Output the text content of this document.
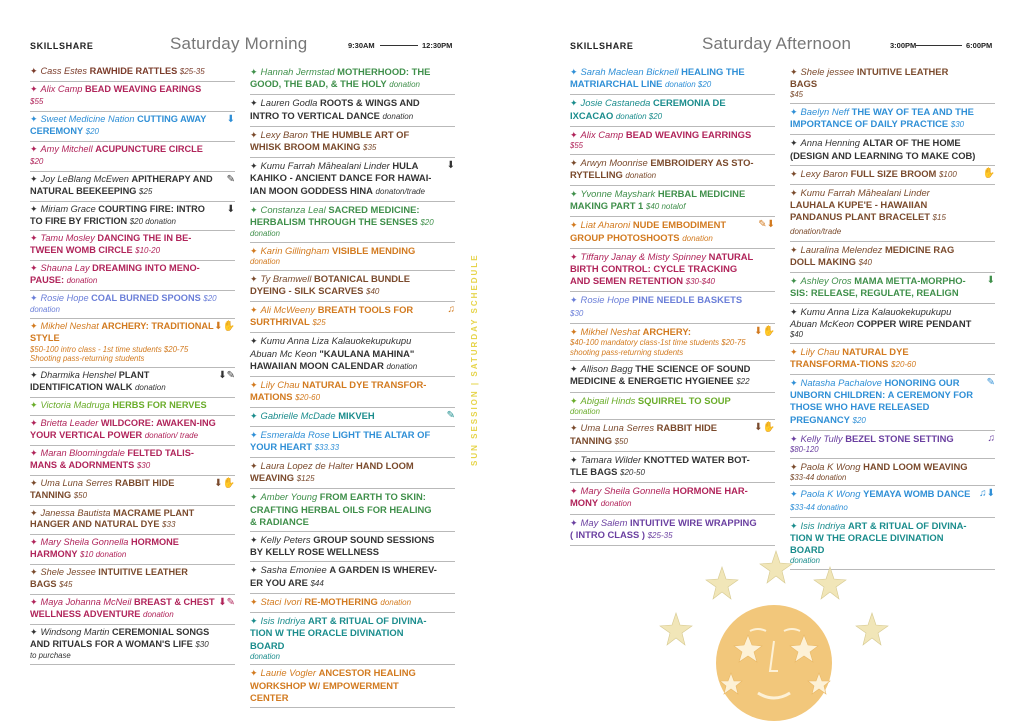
SKILLSHARE	Saturday Morning	9:30AM	12:30PM
✦ Cass Estes RAWHIDE RATTLES $25-35
✦ Alix Camp BEAD WEAVING EARINGS $55
✦ Sweet Medicine Nation CUTTING AWAY CEREMONY $20
⬇
✦ Amy Mitchell ACUPUNCTURE CIRCLE $20
✦ Joy LeBlang McEwen APITHERAPY AND NATURAL BEEKEEPING $25
✎
✦ Miriam Grace COURTING FIRE: INTRO TO FIRE BY FRICTION $20 donation
⬇
✦ Tamu Mosley DANCING THE IN BE-TWEEN WOMB CIRCLE $10-20
✦ Shauna Lay DREAMING INTO MENO-PAUSE: donation
✦ Rosie Hope COAL BURNED SPOONS $20
donation
✦ Mikhel Neshat ARCHERY: TRADITIONAL STYLE
$50-100 intro class - 1st time students $20-75 Shooting pass-returning students
⬇✋
✦ Dharmika Henshel PLANT IDENTIFICATION WALK donation
⬇✎
✦ Victoria Madruga HERBS FOR NERVES
✦ Brietta Leader WILDCORE: AWAKEN-ING YOUR VERTICAL POWER donation/ trade
✦ Maran Bloomingdale FELTED TALIS-MANS & ADORNMENTS $30
✦ Uma Luna Serres RABBIT HIDE TANNING $50
⬇✋
✦ Janessa Bautista MACRAME PLANT HANGER AND NATURAL DYE $33
✦ Mary Sheila Gonnella HORMONE HARMONY $10 donation
✦ Shele Jessee INTUITIVE LEATHER BAGS $45
✦ Maya Johanna McNeil BREAST & CHEST WELLNESS ADVENTURE donation
⬇✎
✦ Windsong Martin CEREMONIAL SONGS AND RITUALS FOR A WOMAN'S LIFE $30
to purchase
✦ Hannah Jermstad MOTHERHOOD: THE GOOD, THE BAD, & THE HOLY donation
✦ Lauren Godla ROOTS & WINGS AND INTRO TO VERTICAL DANCE donation
✦ Lexy Baron THE HUMBLE ART OF WHISK BROOM MAKING $35
✦ Kumu Farrah Māhealani Linder HULA KAHIKO - ANCIENT DANCE FOR HAWAI-IAN MOON GODDESS HINA donaton/trade
⬇
✦ Constanza Leal SACRED MEDICINE: HERBALISM THROUGH THE SENSES $20
donation
✦ Karin Gillingham VISIBLE MENDING
donation
✦ Ty Bramwell BOTANICAL BUNDLE DYEING - SILK SCARVES $40
✦ Ali McWeeny BREATH TOOLS FOR SURTHRIVAL $25
♫
✦ Kumu Anna Liza Kalauokekupukupu Abuan Mc Keon "KAULANA MAHINA" HAWAIIAN MOON CALENDAR donation
✦ Lily Chau NATURAL DYE TRANSFOR-MATIONS $20-60
✦ Gabrielle McDade MIKVEH	✎
✦ Esmeralda Rose LIGHT THE ALTAR OF YOUR HEART $33.33
✦ Laura Lopez de Halter HAND LOOM WEAVING $125
✦ Amber Young FROM EARTH TO SKIN: CRAFTING HERBAL OILS FOR HEALING & RADIANCE
✦ Kelly Peters GROUP SOUND SESSIONS BY KELLY ROSE WELLNESS
✦ Sasha Emoniee A GARDEN IS WHEREV-ER YOU ARE $44
✦ Staci Ivori RE-MOTHERING donation
✦ Isis Indriya ART & RITUAL OF DIVINA-TION W THE ORACLE DIVINATION BOARD
donation
✦ Laurie Vogler ANCESTOR HEALING WORKSHOP W/ EMPOWERMENT CENTER
SUN SESSION | SATURDAY SCHEDULE
SKILLSHARE	Saturday Afternoon	3:00PM	6:00PM
✦ Sarah Maclean Bicknell HEALING THE MATRIARCHAL LINE donation $20
✦ Josie Castaneda CEREMONIA DE IXCACAO donation $20
✦ Alix Camp BEAD WEAVING EARRINGS
$55
✦ Arwyn Moonrise EMBROIDERY AS STO-RYTELLING donation
✦ Yvonne Mayshark HERBAL MEDICINE MAKING PART 1 $40 notalof
✦ Liat Aharoni NUDE EMBODIMENT GROUP PHOTOSHOOTS donation
✎⬇
✦ Tiffany Janay & Misty Spinney NATURAL BIRTH CONTROL: CYCLE TRACKING AND SEMEN RETENTION $30-$40
✦ Rosie Hope PINE NEEDLE BASKETS $30
✦ Mikhel Neshat ARCHERY:
$40-100 mandatory class-1st time students $20-75 shooting pass-returning students
⬇✋
✦ Allison Bagg THE SCIENCE OF SOUND MEDICINE & ENERGETIC HYGIENEE $22
✦ Abigail Hinds SQUIRREL TO SOUP
donation
✦ Uma Luna Serres RABBIT HIDE TANNING $50
⬇✋
✦ Tamara Wilder KNOTTED WATER BOT-TLE BAGS $20-50
✦ Mary Sheila Gonnella HORMONE HAR-MONY donation
✦ May Salem INTUITIVE WIRE WRAPPING ( INTRO CLASS ) $25-35
✦ Shele jessee INTUITIVE LEATHER BAGS
$45
✦ Baelyn Neff THE WAY OF TEA AND THE IMPORTANCE OF DAILY PRACTICE $30
✦ Anna Henning ALTAR OF THE HOME (DESIGN AND LEARNING TO MAKE COB)
✦ Lexy Baron FULL SIZE BROOM $100	✋
✦ Kumu Farrah Māhealani Linder LAUHALA KUPE'E - HAWAIIAN PANDANUS PLANT BRACELET $15 donation/trade
✦ Lauralina Melendez MEDICINE RAG DOLL MAKING $40
✦ Ashley Oros MAMA METTA-MORPHO-SIS: RELEASE, REGULATE, REALIGN
⬇
✦ Kumu Anna Liza Kalauokekupukupu Abuan McKeon COPPER WIRE PENDANT
$40
✦ Lily Chau NATURAL DYE TRANSFORMA-TIONS $20-60
✦ Natasha Pachalove HONORING OUR UNBORN CHILDREN: A CEREMONY FOR THOSE WHO HAVE RELEASED PREGNANCY $20
✎
✦ Kelly Tully BEZEL STONE SETTING
$80-120
♫
✦ Paola K Wong HAND LOOM WEAVING
$33-44 donation
✦ Paola K Wong YEMAYA WOMB DANCE $33-44 donatino
♫⬇
✦ Isis Indriya ART & RITUAL OF DIVINA-TION W THE ORACLE DIVINATION BOARD
donation
